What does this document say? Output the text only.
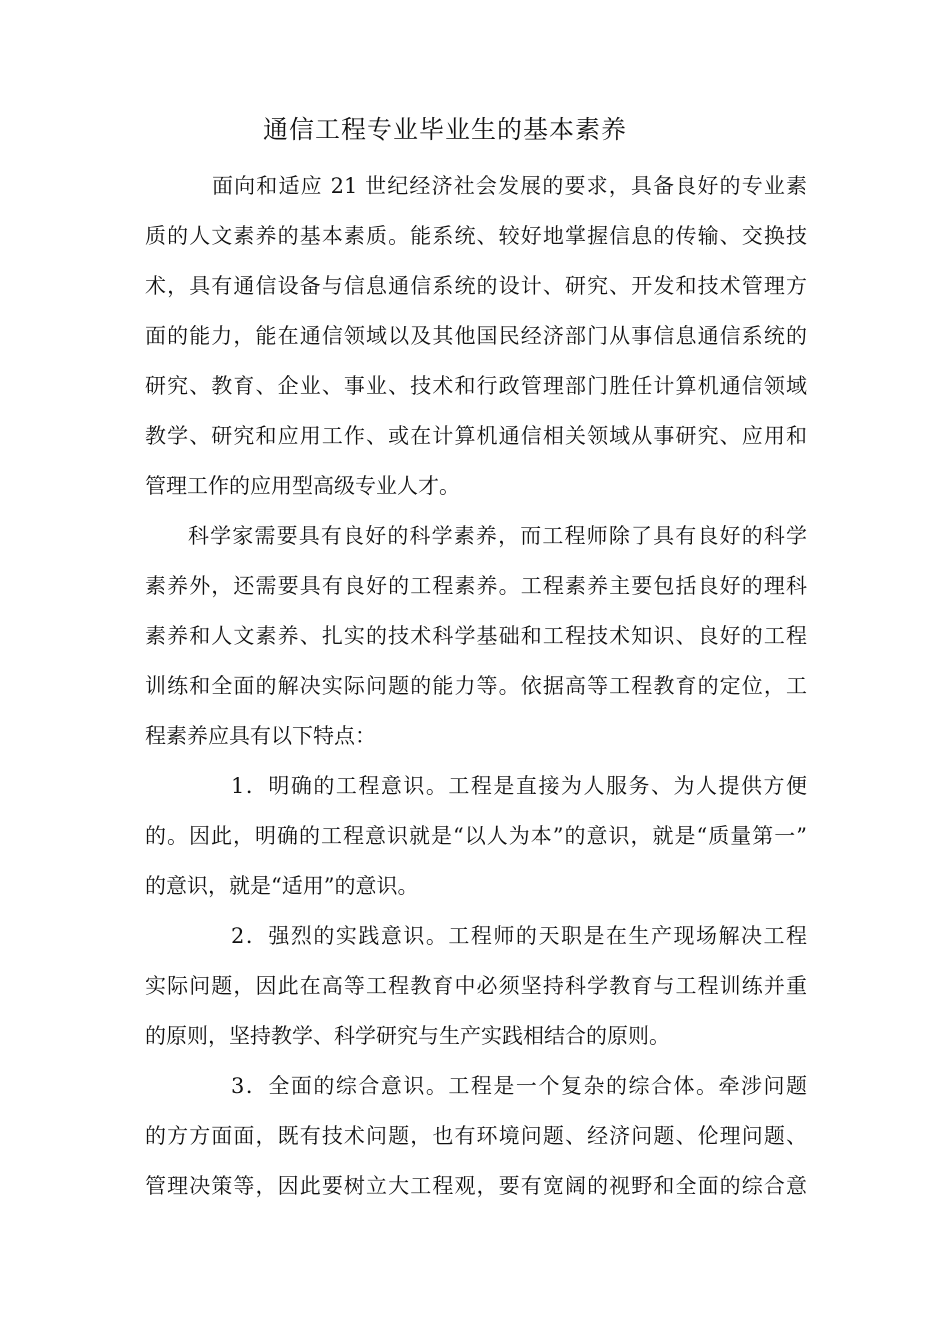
通信工程专业毕业生的基本素养
面向和适应 21 世纪经济社会发展的要求，具备良好的专业素
质的人文素养的基本素质。能系统、较好地掌握信息的传输、交换技
术，具有通信设备与信息通信系统的设计、研究、开发和技术管理方
面的能力，能在通信领域以及其他国民经济部门从事信息通信系统的
研究、教育、企业、事业、技术和行政管理部门胜任计算机通信领域
教学、研究和应用工作、或在计算机通信相关领域从事研究、应用和
管理工作的应用型高级专业人才。
科学家需要具有良好的科学素养，而工程师除了具有良好的科学
素养外，还需要具有良好的工程素养。工程素养主要包括良好的理科
素养和人文素养、扎实的技术科学基础和工程技术知识、良好的工程
训练和全面的解决实际问题的能力等。依据高等工程教育的定位，工
程素养应具有以下特点：
1．明确的工程意识。工程是直接为人服务、为人提供方便
的。因此，明确的工程意识就是“以人为本”的意识，就是“质量第一”
的意识，就是“适用”的意识。
2．强烈的实践意识。工程师的天职是在生产现场解决工程
实际问题，因此在高等工程教育中必须坚持科学教育与工程训练并重
的原则，坚持教学、科学研究与生产实践相结合的原则。
3．全面的综合意识。工程是一个复杂的综合体。牵涉问题
的方方面面，既有技术问题，也有环境问题、经济问题、伦理问题、
管理决策等，因此要树立大工程观，要有宽阔的视野和全面的综合意
